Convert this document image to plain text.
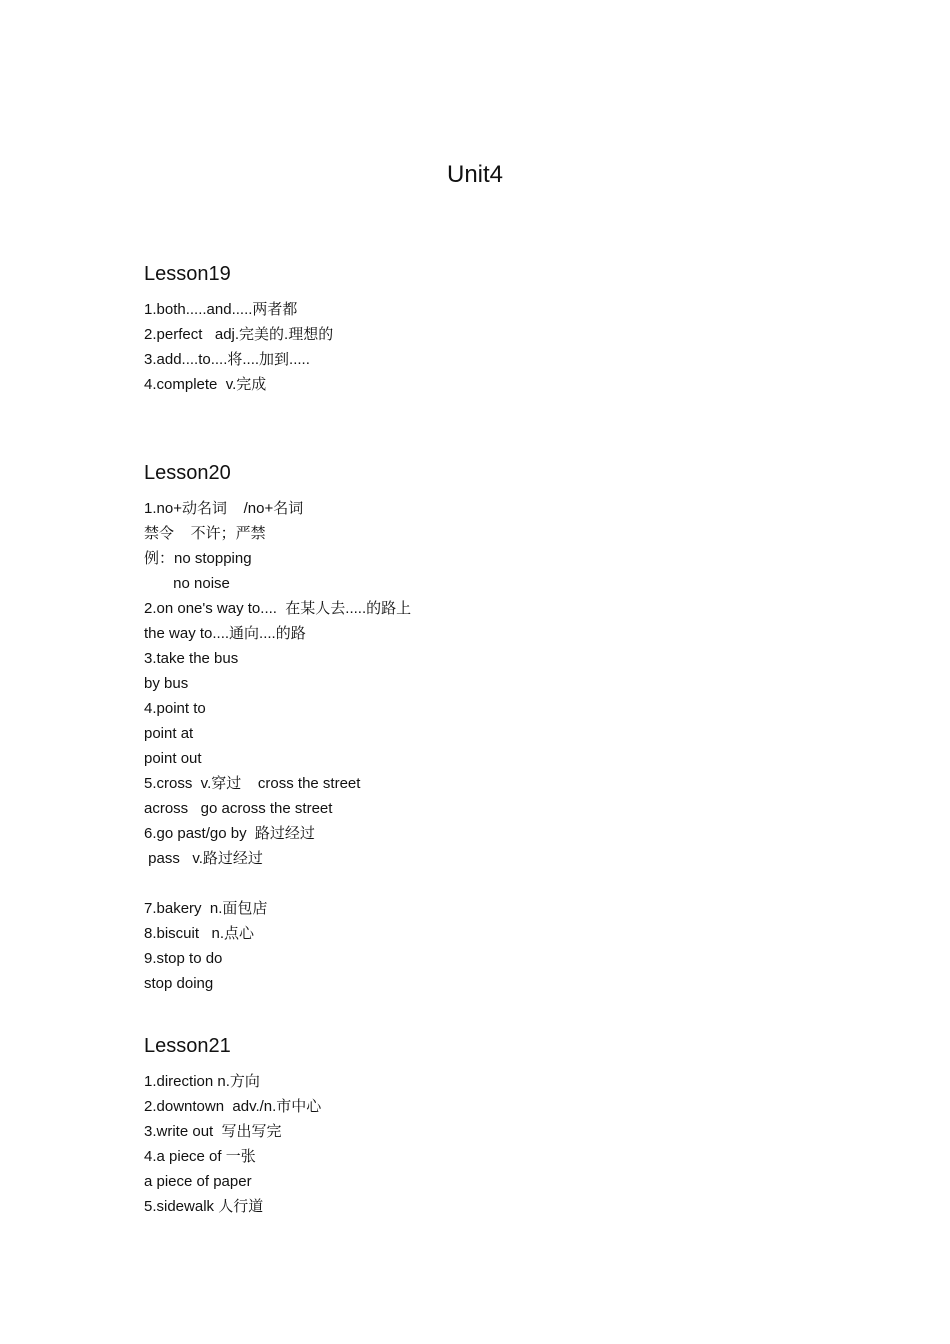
Unit4
Lesson19
1.both.....and.....两者都
2.perfect   adj.完美的.理想的
3.add....to....将....加到.....
4.complete  v.完成
Lesson20
1.no+动名词    /no+名词
禁令    不许；严禁
例：no stopping
no noise
2.on one's way to....  在某人去.....的路上
the way to....通向....的路
3.take the bus
by bus
4.point to
point at
point out
5.cross  v.穿过    cross the street
across   go across the street
6.go past/go by  路过经过
pass   v.路过经过
7.bakery  n.面包店
8.biscuit   n.点心
9.stop to do
stop doing
Lesson21
1.direction n.方向
2.downtown  adv./n.市中心
3.write out  写出写完
4.a piece of 一张
a piece of paper
5.sidewalk 人行道
